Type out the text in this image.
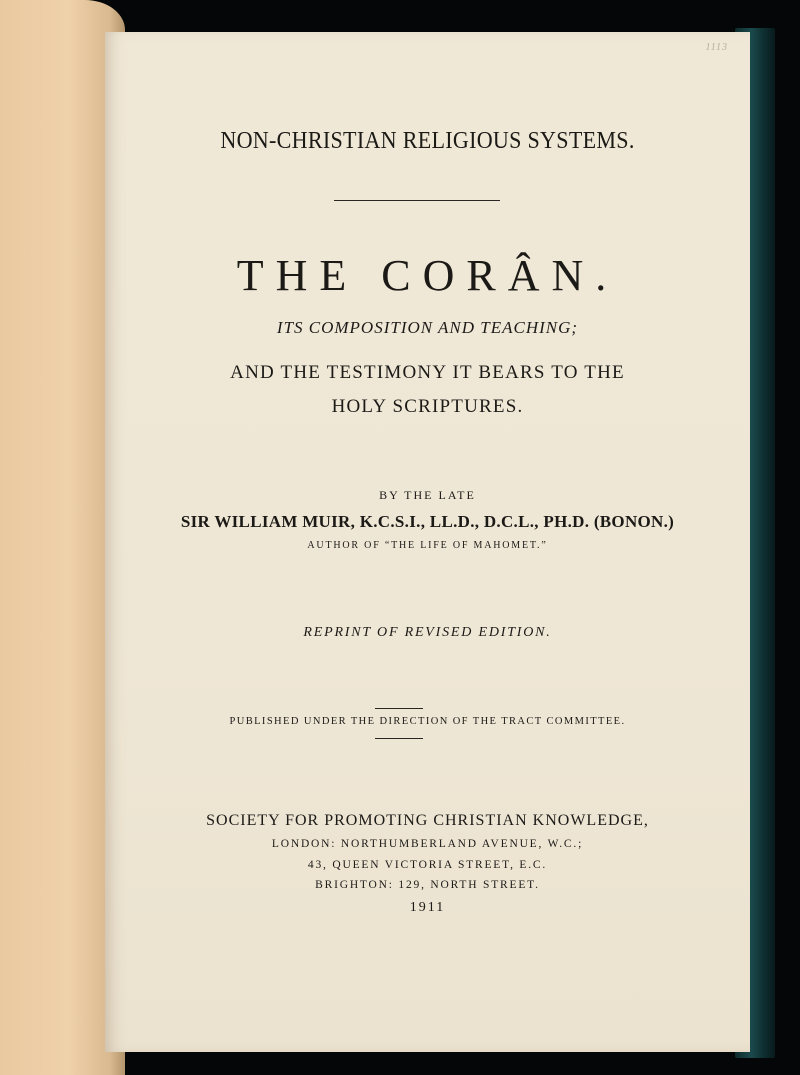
1113
NON-CHRISTIAN RELIGIOUS SYSTEMS.
THE CORÂN.
ITS COMPOSITION AND TEACHING;
AND THE TESTIMONY IT BEARS TO THE
HOLY SCRIPTURES.
BY THE LATE
SIR WILLIAM MUIR, K.C.S.I., LL.D., D.C.L., PH.D. (BONON.)
AUTHOR OF “THE LIFE OF MAHOMET.”
REPRINT OF REVISED EDITION.
PUBLISHED UNDER THE DIRECTION OF THE TRACT COMMITTEE.
SOCIETY FOR PROMOTING CHRISTIAN KNOWLEDGE,
LONDON: NORTHUMBERLAND AVENUE, W.C.;
43, QUEEN VICTORIA STREET, E.C.
BRIGHTON: 129, NORTH STREET.
1911
